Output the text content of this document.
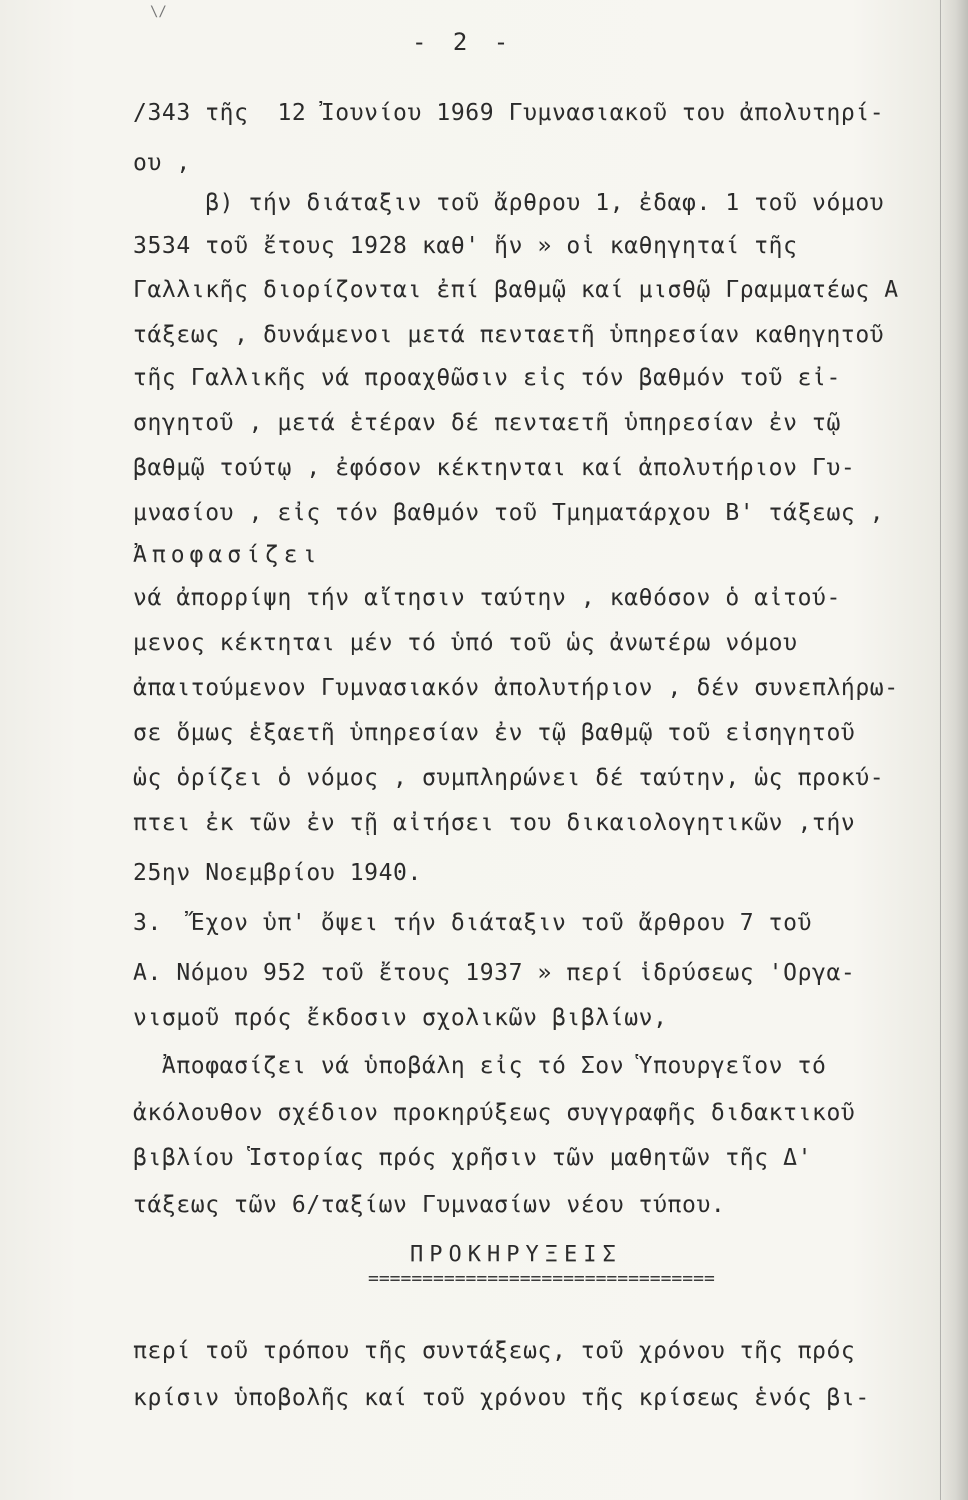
\/
- 2 -
/343 τῆς  12 Ἰουνίου 1969 Γυμνασιακοῦ του ἀπολυτηρί-
ου ,
β) τήν διάταξιν τοῦ ἄρθρου 1, ἐδαφ. 1 τοῦ νόμου
3534 τοῦ ἔτους 1928 καθ' ἥν » οἱ καθηγηταί τῆς
Γαλλικῆς διορίζονται ἐπί βαθμῷ καί μισθῷ Γραμματέως Α
τάξεως , δυνάμενοι μετά πενταετῆ ὑπηρεσίαν καθηγητοῦ
τῆς Γαλλικῆς νά προαχθῶσιν εἰς τόν βαθμόν τοῦ εἰ-
σηγητοῦ , μετά ἑτέραν δέ πενταετῆ ὑπηρεσίαν ἐν τῷ
βαθμῷ τούτῳ , ἐφόσον κέκτηνται καί ἀπολυτήριον Γυ-
μνασίου , εἰς τόν βαθμόν τοῦ Τμηματάρχου Β' τάξεως ,
Ἀποφασίζει
νά ἀπορρίψη τήν αἴτησιν ταύτην , καθόσον ὁ αἰτού-
μενος κέκτηται μέν τό ὑπό τοῦ ὡς ἀνωτέρω νόμου
ἀπαιτούμενον Γυμνασιακόν ἀπολυτήριον , δέν συνεπλήρω-
σε ὅμως ἑξαετῆ ὑπηρεσίαν ἐν τῷ βαθμῷ τοῦ εἰσηγητοῦ
ὡς ὁρίζει ὁ νόμος , συμπληρώνει δέ ταύτην, ὡς προκύ-
πτει ἐκ τῶν ἐν τῇ αἰτήσει του δικαιολογητικῶν ,τήν
25ην Νοεμβρίου 1940.
3.  Ἔχον ὑπ' ὄψει τήν διάταξιν τοῦ ἄρθρου 7 τοῦ
Α. Νόμου 952 τοῦ ἔτους 1937 » περί ἱδρύσεως 'Οργα-
νισμοῦ πρός ἔκδοσιν σχολικῶν βιβλίων,
Ἀποφασίζει νά ὑποβάλη εἰς τό Σον Ὑπουργεῖον τό
ἀκόλουθον σχέδιον προκηρύξεως συγγραφῆς διδακτικοῦ
βιβλίου Ἱστορίας πρός χρῆσιν τῶν μαθητῶν τῆς Δ'
τάξεως τῶν 6/ταξίων Γυμνασίων νέου τύπου.
ΠΡΟΚΗΡΥΞΕΙΣ
================================
περί τοῦ τρόπου τῆς συντάξεως, τοῦ χρόνου τῆς πρός
κρίσιν ὑποβολῆς καί τοῦ χρόνου τῆς κρίσεως ἑνός βι-
